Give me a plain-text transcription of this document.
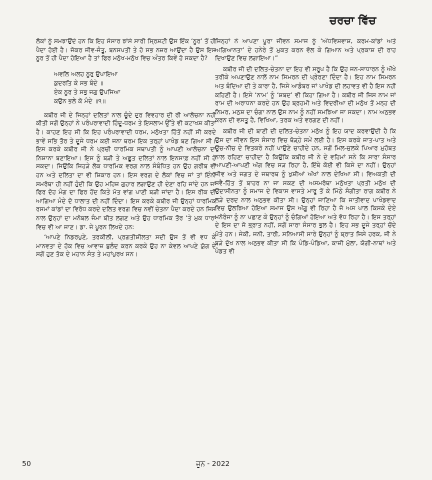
ਚਰਚਾ ਵਿੱਚ

ਲੋਕਾਂ ਨੂੰ ਸਮਝਾਉਂਦੇ ਹਨ ਕਿ ਇਹ ਸੰਸਾਰ ਝਾਂਸੇ ਸਾਰੀ ਸ੍ਰਿਸ਼ਟੀ ਉਸ ਇੱਕ ‘ਨੂਰ’ ਤੋਂ ਹੀ ਪੈਦਾ ਹੋਈ ਹੈ। ਜੋਕਰ ਜੀਵ-ਜੰਤੂ, ਬਨਸਪਤੀ ਤੇ ਹੋ ਸਭ ਨਜ਼ਰ ਆਉਂਦਾ ਹੈ ਉਸ ਇਸ ਨੂਰ ਤੋਂ ਹੀ ਪੈਦਾ ਹੋਇਆ ਹੈ ਤਾਂ ਫਿਰ ਮਨੁੱਖ-ਮਨੁੱਖ ਵਿਚ ਅੰਤਰ ਕਿਵੇਂ ਹੋ ਸਕਦਾ ਹੈ?

ਅਵਲਿ ਅਲਹ ਨੂਰੁ ਉਪਾਇਆ
ਕੁਦਰਤਿ ਕੇ ਸਭ ਬੰਦੇ ॥
ਏਕ ਨੂਰ ਤੇ ਸਭੁ ਜਗੁ ਉਪਜਿਆ
ਕਉਨ ਭਲੇ ਕੋ ਮੰਦੇ ॥੧॥

ਕਬੀਰ ਜੀ ਦੇ ਜਿਨ੍ਹਾਂ ਦਲਿਤਾਂ ਨਾਲ ਚੂੰਦੇ ਦੁਰ ਵਿਵਹਾਰ ਦੀ ਰੀ ਆਲੋਚਨਾ ਨਹੀਂ ਕੀਤੀ ਸਗੋਂ ਉਨ੍ਹਾਂ ਨੇ ਪਰੰਪਰਾਵਾਦੀ ਹਿੰਦੂ-ਧਰਮ ਤੇ ਇਸਲਾਮ ਉੱਤੇ ਵੀ ਕਟਾਖਸ਼ ਕੀਤਾ ਹੈ। ਕਾਹਣ ਇਹ ਸੀ ਕਿ ਇਹ ਪਰੰਪਰਾਵਾਦੀ ਧਰਮ, ਮਨੁੱਖਤਾ ਹਿੱਤੋਂ ਨਹੀਂ ਸੀ ਕਰਦੇ ਭਾਵੇਂ ਸਭਿ ਤੌਰ ਤੇ ਦੂਜੇ ਧਰਮ ਕਈ ਜਨਾ ਥਰਮ ਇਕ ਤਰ੍ਹਾਂ ਪਾਖੰਡ ਬਣ ਗਿਆ ਸੀ। ਇਸ ਕਰਕੇ ਕਬੀਰ ਜੀ ਨੇ ਪ੍ਰਚੀ ਧਾਰਮਿਕ ਸਥਾਪਤੀ ਨੂੰ ਆਪਣੀ ਆਲੋਚਨਾ ਦਾ ਨਿਸ਼ਾਨਾ ਬਣਾਇਆ। ਇਸ ਨੂੰ ਬੜੀ ਤੇ ਅਛੂਤ ਦਲਿਤਾਂ ਨਾਲ ਇਨਸਾਫ਼ ਨਹੀਂ ਸੀ ਹੋ ਸਕਦਾ। ਜਿਉਂਕਿ ਜਿਹੜੇ ਲੋਕ ਧਾਰਮਿਕ ਵਰਗ ਨਾਲ ਸੰਬੰਧਿਤ ਹਨ ਉਹ ਗਰੀਬ ਵੀ ਹਨ ਅਤੇ ਦਲਿਤਾ ਦਾ ਵੀ ਸ਼ਿਕਾਰ ਹਨ। ਇਸ ਵਰਗ ਦੇ ਲੋਕਾਂ ਵਿਚ ਜਾਂ ਤਾਂ ਇੰਨੀ ਸਮਰੱਥਾ ਹੀ ਨਹੀਂ ਹੁੰਦੀ ਕਿ ਉਹ ਮਹਿਜ਼ ਗੁਹਾਰ ਲਗਾਉਣ ਹੀ ਦੇਣਾ ਰਹਿ ਜਾਂਦੇ ਹਨ ਜਾਂ ਫਿਰ ਦੋਹ ਮੰਗ ਦਾ ਫਿਰ ਹੋਂਦ ਕਿਤੇ ਮੱਤ ਵਾਂਗ ਪਾਣੀ ਬੜੀ ਜਾਂਦਾ ਹੈ। ਇਸ ਰੀਕ ਦੀ ਆਗਿਆ ਮੰਦੇ ਦੋ ਧਾਲਾਤ ਦੀ ਨਹੀਂ ਦਿੰਦਾ। ਇਸ ਕਰਕੇ ਕਬੀਰ ਜੀ ਉਨ੍ਹਾਂ ਧਾਰਮਿਕ ਰਸਮਾਂ ਕਾਂਡਾਂ ਦਾ ਵਿਰੋਧ ਕਰਦੇ ਦਲਿਤ ਵਰਗ ਵਿਚ ਨਵੀਂ ਚੇਤਨਾ ਪੈਦਾ ਕਰਦੇ ਹਨ ਜਿਸ ਨਾਲ ਉਨ੍ਹਾਂ ਦਾ ਮਨੋਬਲ ਜੰਮਾ ਬੀਤ ਲਗਣ ਅਤੇ ਉਹ ਧਾਰਮਿਕ ਤੌਰ ‘ਤੇ ਮੁਕ ਧਾਰਾ ਵਿਚ ਵੀ ਆ ਜਾਣ। ਡਾ. ਜੇ ਪੂਰਨ ਲਿਖਦੇ ਹਨ:

‘ਆਪਣੇ ਨਿਡਰਪੁਣੇ, ਤਰਕੀਲੀ, ਪ੍ਰਗਤੀਸ਼ੀਲਤਾ ਸਦੀ ਉਸ ਤੋਂ ਵੀ ਵਧ ਕੇ ਮਾਨਵਤਾ ਦੇ ਹੱਕ ਵਿਚ ਆਵਾਜ਼ ਬੁਲੰਦ ਕਰਨ ਕਰਕੇ ਉਹ ਨਾ ਕੇਵਲ ਆਪਣੇ ਯੁੱਗ ਦੇ ਸਗੋਂ ਹੁਣ ਤੱਕ ਦੇ ਮਹਾਨ ਸੰਤ ਤੇ ਮਹਾਂਪੁਰਖ ਸਨ।

ਜਿਨ੍ਹਾਂ ਨੇ ਆਪਣਾ ਪੂਰਾ ਜੀਵਨ ਸਮਾਜ ਨੂੰ ‘ਅੰਧਵਿਸ਼ਵਾਸ਼, ਕਰਮ-ਕਾਂਡਾਂ ਅਤੇ ਅਗਿਆਨਤਾ’ ਦੇ ਹਨੇਰੇ ਤੋਂ ਮੁਕਤ ਕਰਨ ਵੱਲ ਕੇ ਗਿਆਨ ਅਤੇ ਪ੍ਰਕਾਸ਼ ਦੀ ਰਾਹ ਦਿਖਾਉਣ ਵਿਚ ਲਗਾਇਆ।”

ਕਬੀਰ ਜੀ ਦੀ ਦਲਿਤ-ਚੇਤਨਾ ਦਾ ਇਹ ਵੀ ਸਰੂਪ ਹੈ ਕਿ ਉਹ ਜਨ-ਸਾਧਾਰਨ ਨੂੰ ਔਖੇ ਤਰੀਕੇ ਅਪਣਾਉਣ ਨਾਲੋਂ ਨਾਮ ਸਿਮਰਨ ਦੀ ਪ੍ਰੇਰਣਾ ਦਿੰਦਾ ਹੈ। ਇਹ ਨਾਮ ਸਿਮਰਨ ਅਤ ਬੰਦਿਆ ਦੀ ਤੇ ਕਾਰਾ ਹੈ, ਜਿਸੇ ਆਡੰਬਰ ਜਾਂ ਪਾਖੰਡ ਦੀ ਲਹਾਵਤ ਵੀ ਹੈ ਇਸ ਨਹੀਂ ਕਹਿਣੀ ਹੈ। ਇਸੇ ‘ਨਾਮ’ ਨੂੰ ‘ਸ਼ਬਦ’ ਵੀ ਕਿਹਾ ਗਿਆ ਹੈ। ਕਬੀਰ ਜੀ ਜਿਸ ਨਾਮ ਜਾਂ ਰਾਮ ਦੀ ਅਰਾਧਨਾ ਕਰਦੇ ਹਨ ਉਹ ਬ੍ਰਹਮੀ ਅਤੇ ਵਿਦਰੀਆ ਦੀ ਮਨੁੱਖ ਤੋਂ ਮਨ੍ਹ ਦੀ ਨਿਮਰ, ਮਨੁਸ਼ ਦਾ ਚੰਗਾ ਨਾਲ ਉਸ ਨਾਮ ਨੂੰ ਨਹੀਂ ਸਮਝਿਆ ਜਾ ਸਕਦਾ। ਨਾਮ ਅਨੁਭਵ ਕਰਨ ਦੀ ਵਸਤੂ ਹੈ, ਵਿਖਿਆ, ਤਰਕ ਅਤੇ ਵਰਗਣ ਦੀ ਨਹੀਂ।

ਕਬੀਰ ਜੀ ਦੀ ਬਾਣੀ ਦੀ ਦਲਿਤ-ਚੇਤਨਾ ਮਨੁੱਖ ਨੂੰ ਇਹ ਯਾਦ ਕਰਵਾਉਂਦੀ ਹੈ ਕਿ ਉਸ ਦਾ ਜੀਵਨ ਇਸ ਸੰਸਾਰ ਵਿਚ ਥੋੜ੍ਹੇ ਸਮੇਂ ਲਈ ਹੈ। ਇਸ ਕਰਕੇ ਜਾਤ-ਪਾਤ ਅਤੇ ਊਚ-ਨੀਚ ਦੇ ਵਿਤਕਰੇ ਨਹੀਂ ਪਾਉਣੇ ਚਾਹੀਦੇ ਹਨ, ਸਗੋਂ ਮਿਲ-ਜੁਲਕੇ ਪਿਆਰ ਮੁਹੱਬਤ ਨਾਲ ਰਹਿਣਾ ਚਾਹੀਦਾ ਹੈ ਕਿਉਂਕਿ ਕਬੀਰ ਜੀ ਨੇ ਦੇ ਵਹਿਮਾਂ ਸਨੇ ਕਿ ਸਾਰਾ ਸੰਸਾਰ ਆਪਣੀ-ਆਪਣੀ ਅੱਗ ਵਿਚ ਸੜ ਰਿਹਾ ਹੈ, ਇੱਥੇ ਕੋਈ ਵੀ ਕਿਸੇ ਦਾ ਨਹੀਂ। ਉਨ੍ਹਾਂ ਜੀਵ ਅਤੇ ਜਗਤ ਦੇ ਜਥਾਰਥ ਨੂੰ ਖੁਸ਼ੀਆਂ ਅੱਖਾਂ ਨਾਲ ਦੇਖਿਆ ਸੀ। ਵਿਅਕਤੀ ਦੀ ਸਵੈ-ਹਿੱਤ ਤੋਂ ਬਾਹਰ ਨਾ ਜਾ ਸਕਣ ਦੀ ਅਸਮਰੱਥਾ ਮਨੁੱਖਤਾ ਪ੍ਰਤੀ ਮਨੁੱਖ ਦੀ ਉਦਾਸੀਨਤਾ ਨੂੰ ਸਮਾਜ ਦੇ ਵਿਕਾਸ ਵਾਸਤੇ ਮਾਰੂ ਤੋਂ ਕੇ ਮਿੱਠੇ ਸੰਗੀਤਾ ਰਾਗ ਕਬੀਰ ਨੇ ਲੜੇ ਦਰਦ ਨਾਲ ਅਨੁਭਵ ਕੀਤਾ ਸੀ। ਉਨ੍ਹਾਂ ਜਾਣਿਆ ਕਿ ਜਾਤੀਵਾਦ ਪਾਖੰਡਵਾਦ ਵਿਚ ਉਲਝਿਆ ਹੋਇਆ ਸਮਾਜ ਉਸ ਅੱਗੂ ਵੀ ਰਿਹਾ ਹੈ ਜੋ ਅਸ ਪਾਲ ਕਿਸਕੇ ਦੇਏ ਮਨੋਰੰਜਾ ਨੂੰ ਨਾ ਪਛਾਣ ਕੇ ਉਨ੍ਹਾਂ ਨੂੰ ਚੰਗਿਆਂ ਹੋਇਆ ਅਤੇ ਵੱਧ ਰਿਹਾ ਹੈ। ਇਸ ਤਰ੍ਹਾਂ ਦੇ ਇਸ ਦਾ ਜੋ ਭ੍ਰਾਤ ਨਹੀਂ, ਸਗੋਂ ਸਾਰਾ ਸੰਸਾਰ ਭੁਲ ਹੈ। ਇਹ ਸਭ ਦੂਜੇ ਤਰ੍ਹਾਂ ਚੋਂਦੇ ਪੱਤੇ ਹਨ। ਜੇਕੀ, ਜਨੀ, ਤਾਰੀ, ਸਨਿਆਸੀ ਸਾਰੇ ਉਨ੍ਹਾਂ ਨੂੰ ਬ੍ਰਾਤ ਜਿਸੇ ਹਰਕ, ਜੀ ਨੇ ਬੜੇ ਦੁੱਖ ਨਾਲ ਅਨੁਭਵ ਕੀਤਾ ਸੀ ਕਿ ਪੰਡਿ-ਪੰਡਿਆ, ਕਾਜ਼ੀ ਮੁੱਲਾ, ਯੋਗੀ-ਨਾਥਾਂ ਅਤੇ ਪੰਡਤ ਵੀ

50	ਜੂਨ - 2022
